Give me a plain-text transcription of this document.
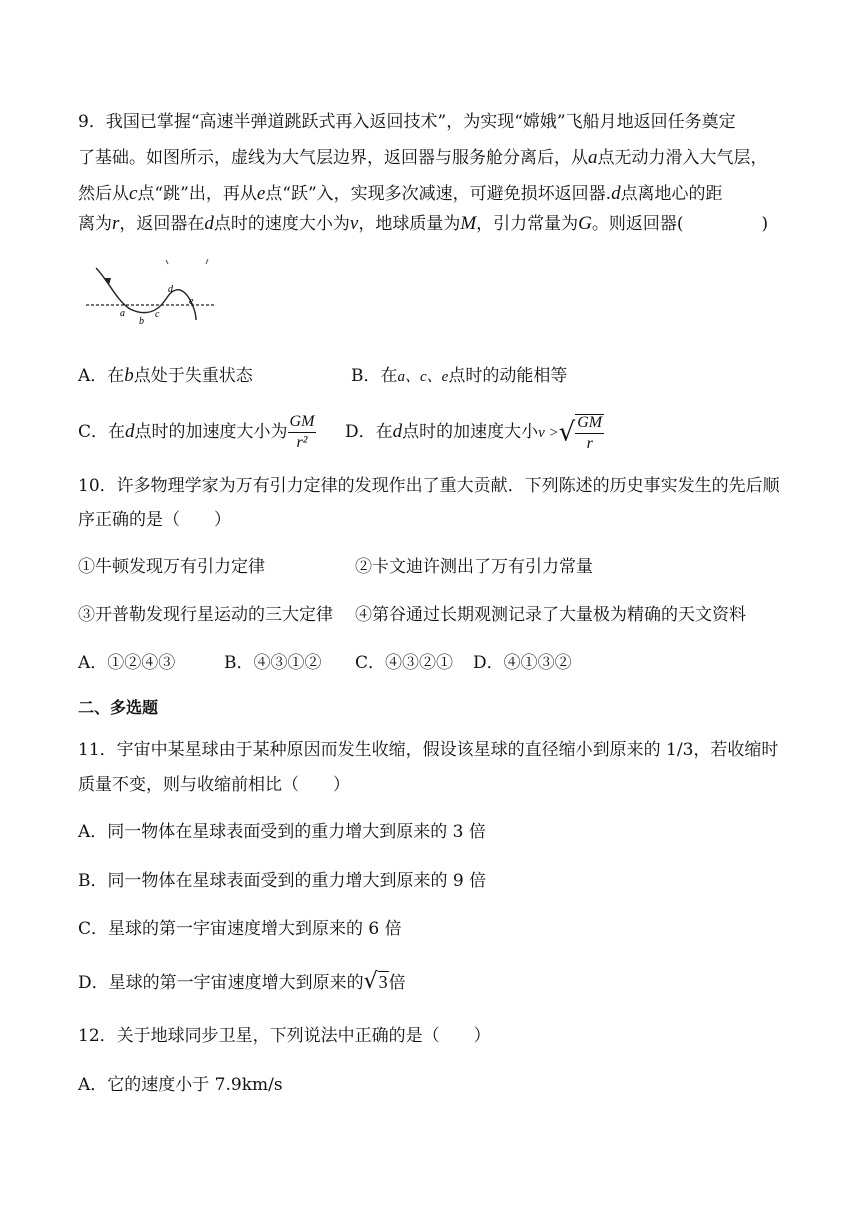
9．我国已掌握“高速半弹道跳跃式再入返回技术”，为实现“嫦娥”飞船月地返回任务奠定
了基础。如图所示，虚线为大气层边界，返回器与服务舱分离后，从a点无动力滑入大气层，
然后从c点“跳”出，再从e点“跃”入，实现多次减速，可避免损坏返回器.d点离地心的距
离为r，返回器在d点时的速度大小为v，地球质量为M，引力常量为G。则返回器(	)
a
b
c
d
e
A．在b点处于失重状态	B．在a、c、e点时的动能相等
C．在d点时的加速度大小为 $\frac{GM}{\text{r²}}$ D．在d点时的加速度大小v >√ $\frac{GM}{r}$
10．许多物理学家为万有引力定律的发现作出了重大贡献．下列陈述的历史事实发生的先后顺
序正确的是（　　）
①牛顿发现万有引力定律	②卡文迪许测出了万有引力常量
③开普勒发现行星运动的三大定律 ④第谷通过长期观测记录了大量极为精确的天文资料
A．①②④③	B．④③①② C．④③②① D．④①③②
二、多选题
11．宇宙中某星球由于某种原因而发生收缩，假设该星球的直径缩小到原来的 1/3，若收缩时
质量不变，则与收缩前相比（　　）
A．同一物体在星球表面受到的重力增大到原来的 3 倍
B．同一物体在星球表面受到的重力增大到原来的 9 倍
C．星球的第一宇宙速度增大到原来的 6 倍
D．星球的第一宇宙速度增大到原来的√3倍
12．关于地球同步卫星，下列说法中正确的是（　　）
A．它的速度小于 7.9km/s
